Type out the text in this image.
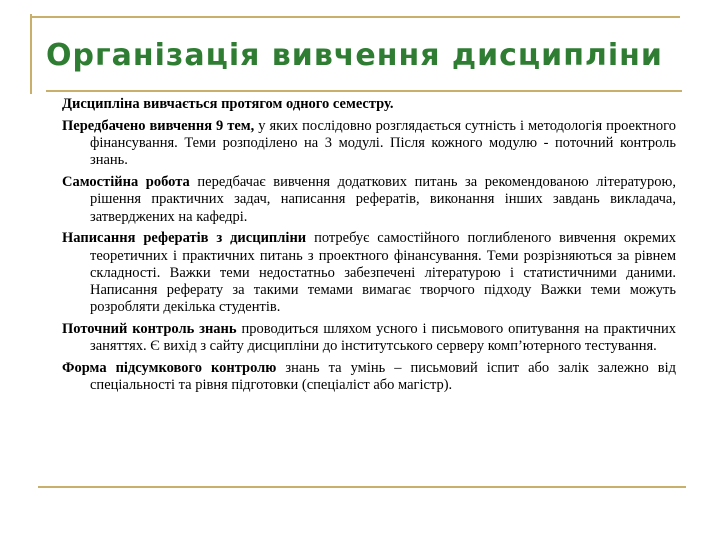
Організація вивчення дисципліни

Дисципліна вивчається протягом одного семестру.

Передбачено вивчення 9 тем, у яких послідовно розглядається сутність і методологія проектного фінансування. Теми розподілено на 3 модулі. Після кожного модулю - поточний контроль знань.

Самостійна робота передбачає вивчення додаткових питань за рекомендованою літературою, рішення практичних задач, написання рефератів, виконання інших завдань викладача, затверджених на кафедрі.

Написання рефератів з дисципліни потребує самостійного поглибленого вивчення окремих теоретичних і практичних питань з проектного фінансування. Теми розрізняються за рівнем складності. Важки теми недостатньо забезпечені літературою і статистичними даними. Написання реферату за такими темами вимагає творчого підходу Важки теми можуть розробляти декілька студентів.

Поточний контроль знань проводиться шляхом усного і письмового опитування на практичних заняттях. Є вихід з сайту дисципліни до інститутського серверу комп’ютерного тестування.

Форма підсумкового контролю знань та умінь – письмовий іспит або залік залежно від спеціальності та рівня підготовки (спеціаліст або магістр).
